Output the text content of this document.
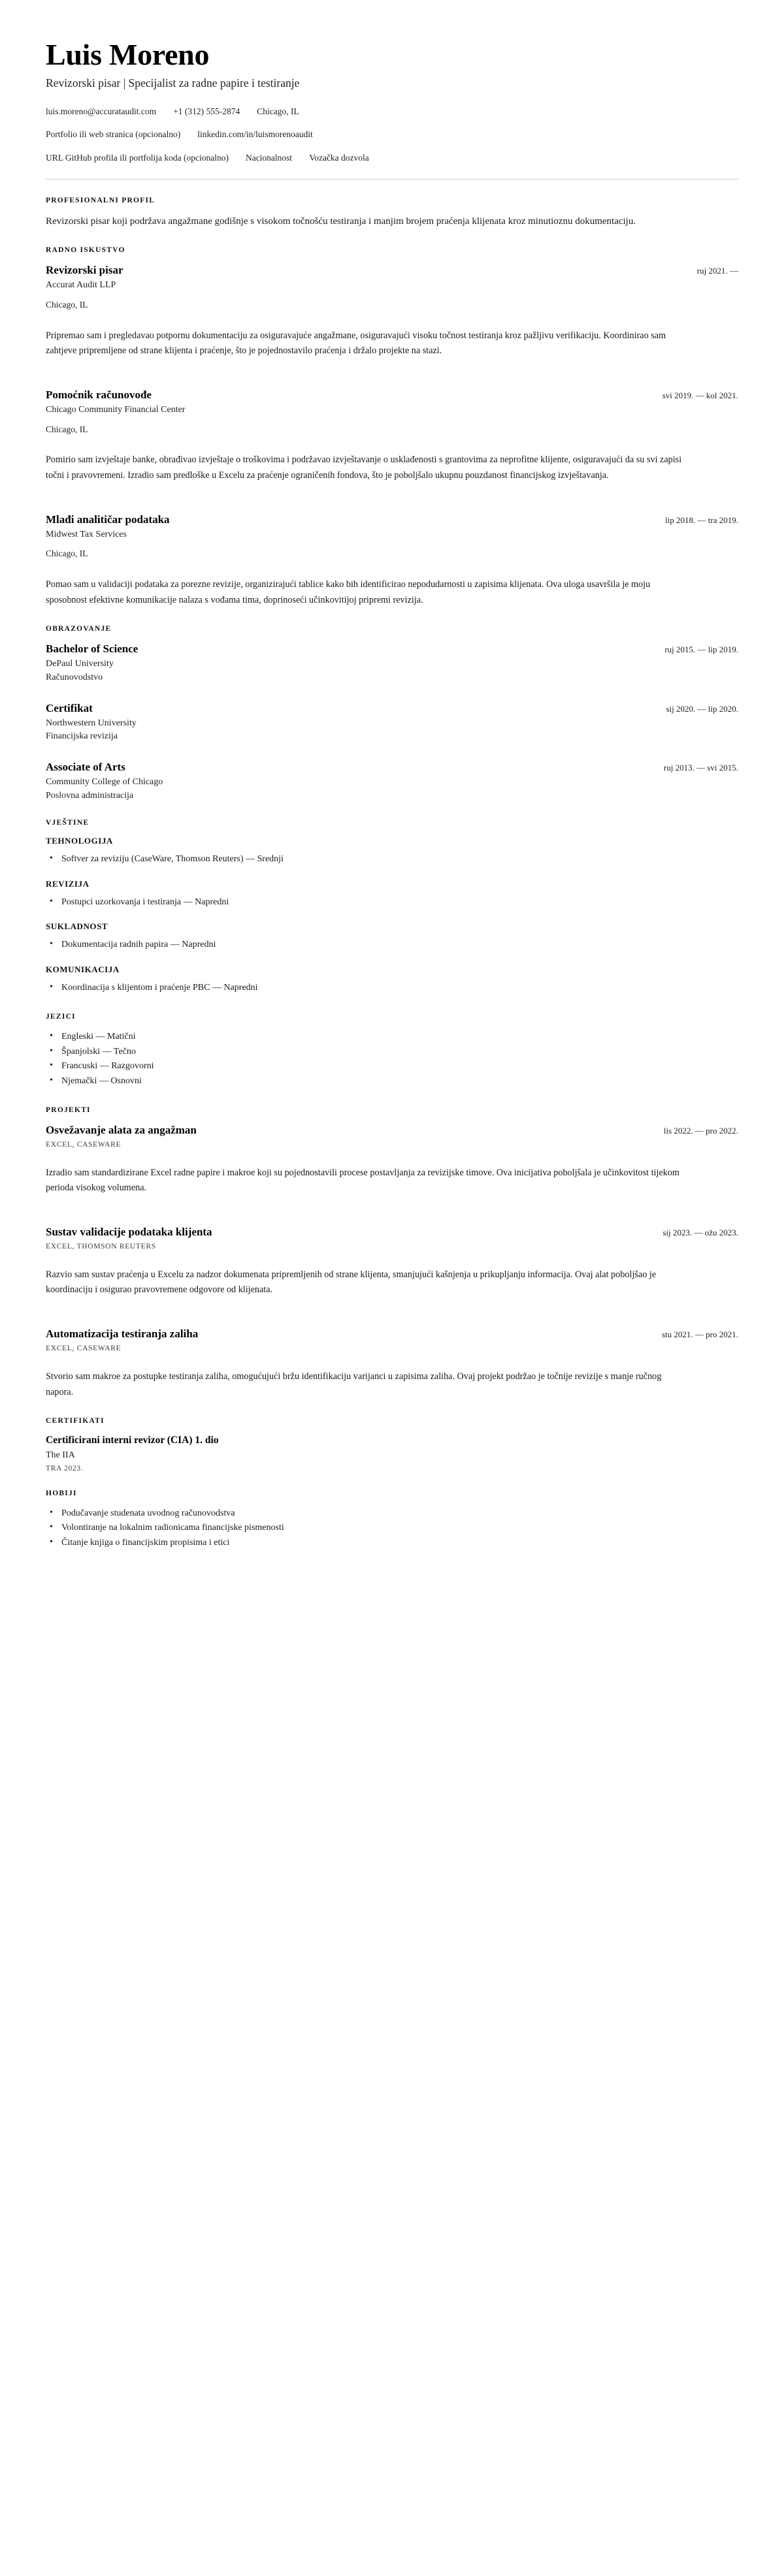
Luis Moreno

Revizorski pisar | Specijalist za radne papire i testiranje

luis.moreno@accurataudit.com +1 (312) 555-2874 Chicago, IL
Portfolio ili web stranica (opcionalno) linkedin.com/in/luismorenoaudit
URL GitHub profila ili portfolija koda (opcionalno) Nacionalnost Vozačka dozvola
PROFESIONALNI PROFIL

Revizorski pisar koji podržava angažmane godišnje s visokom točnošću testiranja i manjim brojem praćenja klijenata kroz minutioznu dokumentaciju.

RADNO ISKUSTVO
Revizorski pisar	ruj 2021. —

Accurat Audit LLP

Chicago, IL

Pripremao sam i pregledavao potpornu dokumentaciju za osiguravajuće angažmane, osiguravajući visoku točnost testiranja kroz pažljivu verifikaciju. Koordinirao sam zahtjeve pripremljene od strane klijenta i praćenje, što je pojednostavilo praćenja i držalo projekte na stazi.

Pomoćnik računovođe	svi 2019. — kol 2021.

Chicago Community Financial Center

Chicago, IL

Pomirio sam izvještaje banke, obrađivao izvještaje o troškovima i podržavao izvještavanje o usklađenosti s grantovima za neprofitne klijente, osiguravajući da su svi zapisi točni i pravovremeni. Izradio sam predloške u Excelu za praćenje ograničenih fondova, što je poboljšalo ukupnu pouzdanost financijskog izvještavanja.

Mlađi analitičar podataka	lip 2018. — tra 2019.

Midwest Tax Services

Chicago, IL

Pomao sam u validaciji podataka za porezne revizije, organizirajući tablice kako bih identificirao nepodudarnosti u zapisima klijenata. Ova uloga usavršila je moju sposobnost efektivne komunikacije nalaza s vođama tima, doprinoseći učinkovitijoj pripremi revizija.

OBRAZOVANJE
Bachelor of Science	ruj 2015. — lip 2019.

DePaul University

Računovodstvo

Certifikat	sij 2020. — lip 2020.

Northwestern University

Financijska revizija

Associate of Arts	ruj 2013. — svi 2015.

Community College of Chicago

Poslovna administracija

VJEŠTINE
TEHNOLOGIJA
• Softver za reviziju (CaseWare, Thomson Reuters) — Srednji
REVIZIJA
• Postupci uzorkovanja i testiranja — Napredni
SUKLADNOST
• Dokumentacija radnih papira — Napredni
KOMUNIKACIJA
• Koordinacija s klijentom i praćenje PBC — Napredni
JEZICI
• Engleski — Matični
• Španjolski — Tečno
• Francuski — Razgovorni
• Njemački — Osnovni
PROJEKTI
Osvežavanje alata za angažman	lis 2022. — pro 2022.

EXCEL, CASEWARE

Izradio sam standardizirane Excel radne papire i makroe koji su pojednostavili procese postavljanja za revizijske timove. Ova inicijativa poboljšala je učinkovitost tijekom perioda visokog volumena.

Sustav validacije podataka klijenta	sij 2023. — ožu 2023.

EXCEL, THOMSON REUTERS

Razvio sam sustav praćenja u Excelu za nadzor dokumenata pripremljenih od strane klijenta, smanjujući kašnjenja u prikupljanju informacija. Ovaj alat poboljšao je koordinaciju i osigurao pravovremene odgovore od klijenata.

Automatizacija testiranja zaliha	stu 2021. — pro 2021.

EXCEL, CASEWARE

Stvorio sam makroe za postupke testiranja zaliha, omogućujući bržu identifikaciju varijanci u zapisima zaliha. Ovaj projekt podržao je točnije revizije s manje ručnog napora.

CERTIFIKATI
Certificirani interni revizor (CIA) 1. dio

The IIA

TRA 2023.

HOBIJI
• Podučavanje studenata uvodnog računovodstva
• Volontiranje na lokalnim radionicama financijske pismenosti
• Čitanje knjiga o financijskim propisima i etici
